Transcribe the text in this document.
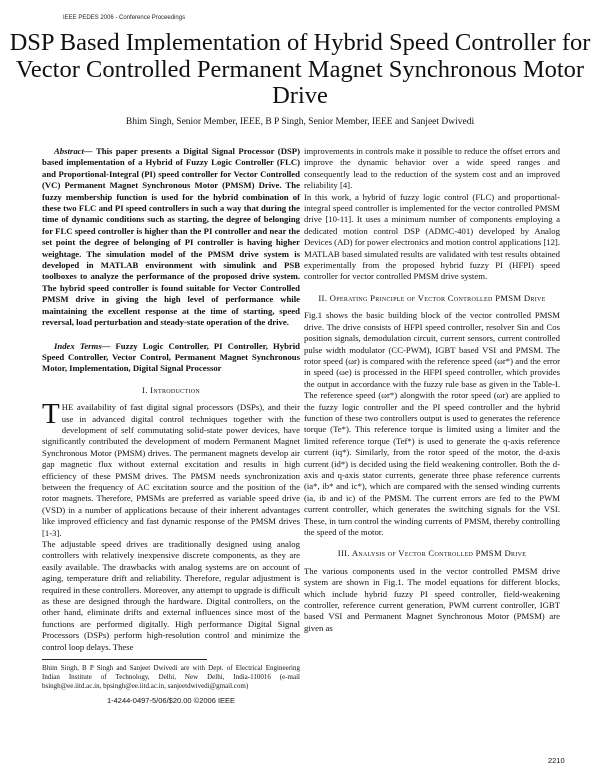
IEEE PEDES 2006 - Conference Proceedings
DSP Based Implementation of Hybrid Speed Controller for Vector Controlled Permanent Magnet Synchronous Motor Drive
Bhim Singh, Senior Member, IEEE, B P Singh, Senior Member, IEEE and Sanjeet Dwivedi

Abstract— This paper presents a Digital Signal Processor (DSP) based implementation of a Hybrid of Fuzzy Logic Controller (FLC) and Proportional-Integral (PI) speed controller for Vector Controlled (VC) Permanent Magnet Synchronous Motor (PMSM) Drive. The fuzzy membership function is used for the hybrid combination of these two FLC and PI speed controllers in such a way that during the time of dynamic conditions such as starting, the degree of belonging for FLC speed controller is higher than the PI controller and near the set point the degree of belonging of PI controller is having higher weightage. The simulation model of the PMSM drive system is developed in MATLAB environment with simulink and PSB toolboxes to analyze the performance of the proposed drive system. The hybrid speed controller is found suitable for Vector Controlled PMSM drive in giving the high level of performance while maintaining the excellent response at the time of starting, speed reversal, load perturbation and steady-state operation of the drive.

Index Terms— Fuzzy Logic Controller, PI Controller, Hybrid Speed Controller, Vector Control, Permanent Magnet Synchronous Motor, Implementation, Digital Signal Processor

I. Introduction

THE availability of fast digital signal processors (DSPs), and their use in advanced digital control techniques together with the development of self commutating solid-state power devices, have significantly contributed the development of modern Permanent Magnet Synchronous Motor (PMSM) drives. The permanent magnets develop air gap magnetic flux without external excitation and results in high efficiency of these PMSM drives. The PMSM needs synchronization between the frequency of AC excitation source and the position of the rotor magnets. Therefore, PMSMs are preferred as variable speed drive (VSD) in a number of applications because of their inherent advantages like improved efficiency and fast dynamic response of the PMSM drives [1-3].

The adjustable speed drives are traditionally designed using analog controllers with relatively inexpensive discrete components, as they are easily available. The drawbacks with analog systems are on account of aging, temperature drift and reliability. Therefore, regular adjustment is required in these controllers. Moreover, any attempt to upgrade is difficult as these are designed through the hardware. Digital controllers, on the other hand, eliminate drifts and external influences since most of the functions are performed digitally. High performance Digital Signal Processors (DSPs) perform high-resolution control and minimize the control loop delays. These

Bhim Singh, B P Singh and Sanjeet Dwivedi are with Dept. of Electrical Engineering Indian Institute of Technology, Delhi, New Delhi, India-110016 (e-mail bsingh@ee.iitd.ac.in, bpsingh@ee.iitd.ac.in, sanjeetdwivedi@gmail.com)

1-4244-0497-5/06/$20.00 ©2006 IEEE

improvements in controls make it possible to reduce the offset errors and improve the dynamic behavior over a wide speed ranges and consequently lead to the reduction of the system cost and an improved reliability [4].

In this work, a hybrid of fuzzy logic control (FLC) and proportional-integral speed controller is implemented for the vector controlled PMSM drive [10-11]. It uses a minimum number of components employing a dedicated motion control DSP (ADMC-401) developed by Analog Devices (AD) for power electronics and motion control applications [12]. MATLAB based simulated results are validated with test results obtained experimentally from the proposed hybrid fuzzy PI (HFPI) speed controller for vector controlled PMSM drive system.

II. Operating Principle of Vector Controlled PMSM Drive

Fig.1 shows the basic building block of the vector controlled PMSM drive. The drive consists of HFPI speed controller, resolver Sin and Cos position signals, demodulation circuit, current sensors, current controlled pulse width modulator (CC-PWM), IGBT based VSI and PMSM. The rotor speed (ωr) is compared with the reference speed (ωr*) and the error in speed (ωe) is processed in the HFPI speed controller, which provides the output in accordance with the fuzzy rule base as given in the Table-I. The reference speed (ωr*) alongwith the rotor speed (ωr) are applied to the fuzzy logic controller and the PI speed controller and the hybrid function of these two controllers output is used to generates the reference torque (Te*). This reference torque is limited using a limiter and the limited reference torque (Tef*) is used to generate the q-axis reference current (iq*). Similarly, from the rotor speed of the motor, the d-axis current (id*) is decided using the field weakening controller. Both the d-axis and q-axis stator currents, generate three phase reference currents (ia*, ib* and ic*), which are compared with the sensed winding currents (ia, ib and ic) of the PMSM. The current errors are fed to the PWM current controller, which generates the switching signals for the VSI. These, in turn control the winding currents of PMSM, thereby controlling the speed of the motor.

III. Analysis of Vector Controlled PMSM Drive

The various components used in the vector controlled PMSM drive system are shown in Fig.1. The model equations for different blocks, which include hybrid fuzzy PI speed controller, field-weakening controller, reference current generation, PWM current controller, IGBT based VSI and Permanent Magnet Synchronous Motor (PMSM) are given as

2210
